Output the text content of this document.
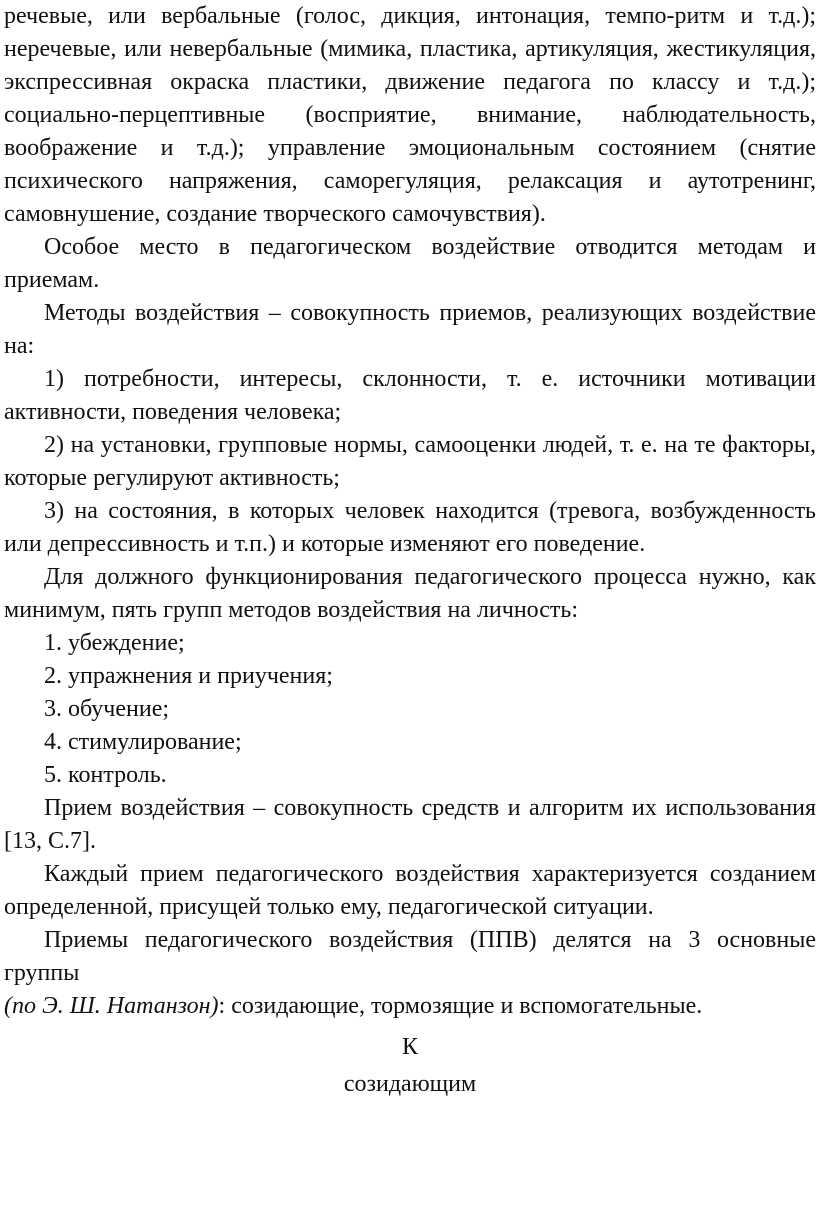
речевые, или вербальные (голос, дикция, интонация, темпо-ритм и т.д.); неречевые, или невербальные (мимика, пластика, артикуляция, жестикуляция, экспрессивная окраска пластики, движение педагога по классу и т.д.); социально-перцептивные (восприятие, внимание, наблюдательность, воображение и т.д.); управление эмоциональным состоянием (снятие психического напряжения, саморегуляция, релаксация и аутотренинг, самовнушение, создание творческого самочувствия).

Особое место в педагогическом воздействие отводится методам и приемам.

Методы воздействия – совокупность приемов, реализующих воздействие на:

1) потребности, интересы, склонности, т. е. источники мотивации активности, поведения человека;

2) на установки, групповые нормы, самооценки людей, т. е. на те факторы, которые регулируют активность;

3) на состояния, в которых человек находится (тревога, возбужденность или депрессивность и т.п.) и которые изменяют его поведение.

Для должного функционирования педагогического процесса нужно, как минимум, пять групп методов воздействия на личность:

1. убеждение;

2. упражнения и приучения;

3. обучение;

4. стимулирование;

5. контроль.

Прием воздействия – совокупность средств и алгоритм их использования [13, С.7].

Каждый прием педагогического воздействия характеризуется созданием определенной, присущей только ему, педагогической ситуации.

Приемы педагогического воздействия (ППВ) делятся на 3 основные группы

(по Э. Ш. Натанзон): созидающие, тормозящие и вспомогательные.

К

созидающим
